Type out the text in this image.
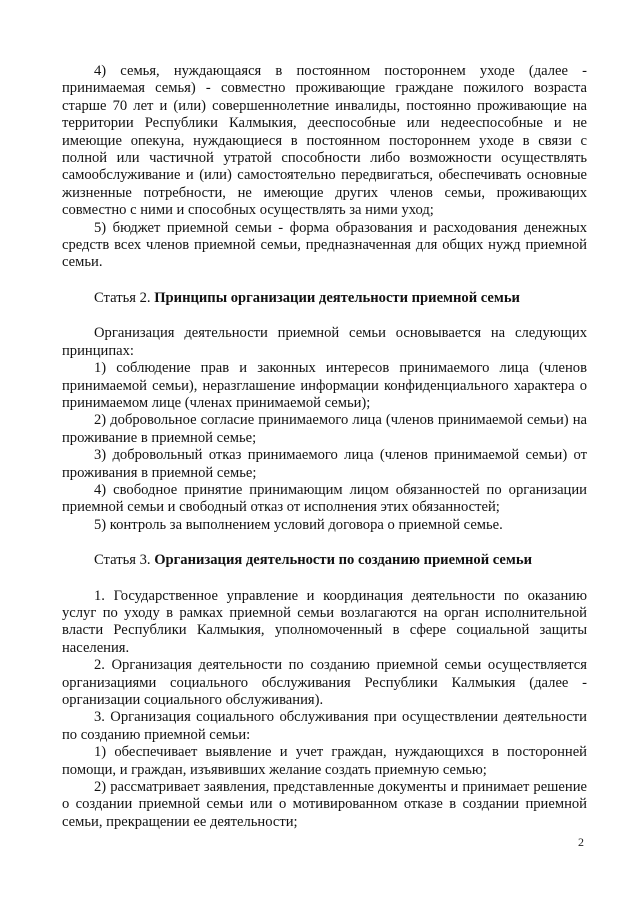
4) семья, нуждающаяся в постоянном постороннем уходе (далее - принимаемая семья) - совместно проживающие граждане пожилого возраста старше 70 лет и (или) совершеннолетние инвалиды, постоянно проживающие на территории Республики Калмыкия, дееспособные или недееспособные и не имеющие опекуна, нуждающиеся в постоянном постороннем уходе в связи с полной или частичной утратой способности либо возможности осуществлять самообслуживание и (или) самостоятельно передвигаться, обеспечивать основные жизненные потребности, не имеющие других членов семьи, проживающих совместно с ними и способных осуществлять за ними уход;

5) бюджет приемной семьи - форма образования и расходования денежных средств всех членов приемной семьи, предназначенная для общих нужд приемной семьи.

Статья 2. Принципы организации деятельности приемной семьи

Организация деятельности приемной семьи основывается на следующих принципах:

1) соблюдение прав и законных интересов принимаемого лица (членов принимаемой семьи), неразглашение информации конфиденциального характера о принимаемом лице (членах принимаемой семьи);

2) добровольное согласие принимаемого лица (членов принимаемой семьи) на проживание в приемной семье;

3) добровольный отказ принимаемого лица (членов принимаемой семьи) от проживания в приемной семье;

4) свободное принятие принимающим лицом обязанностей по организации приемной семьи и свободный отказ от исполнения этих обязанностей;

5) контроль за выполнением условий договора о приемной семье.

Статья 3. Организация деятельности по созданию приемной семьи

1. Государственное управление и координация деятельности по оказанию услуг по уходу в рамках приемной семьи возлагаются на орган исполнительной власти Республики Калмыкия, уполномоченный в сфере социальной защиты населения.

2. Организация деятельности по созданию приемной семьи осуществляется организациями социального обслуживания Республики Калмыкия (далее - организации социального обслуживания).

3. Организация социального обслуживания при осуществлении деятельности по созданию приемной семьи:

1) обеспечивает выявление и учет граждан, нуждающихся в посторонней помощи, и граждан, изъявивших желание создать приемную семью;

2) рассматривает заявления, представленные документы и принимает решение о создании приемной семьи или о мотивированном отказе в создании приемной семьи, прекращении ее деятельности;

2
